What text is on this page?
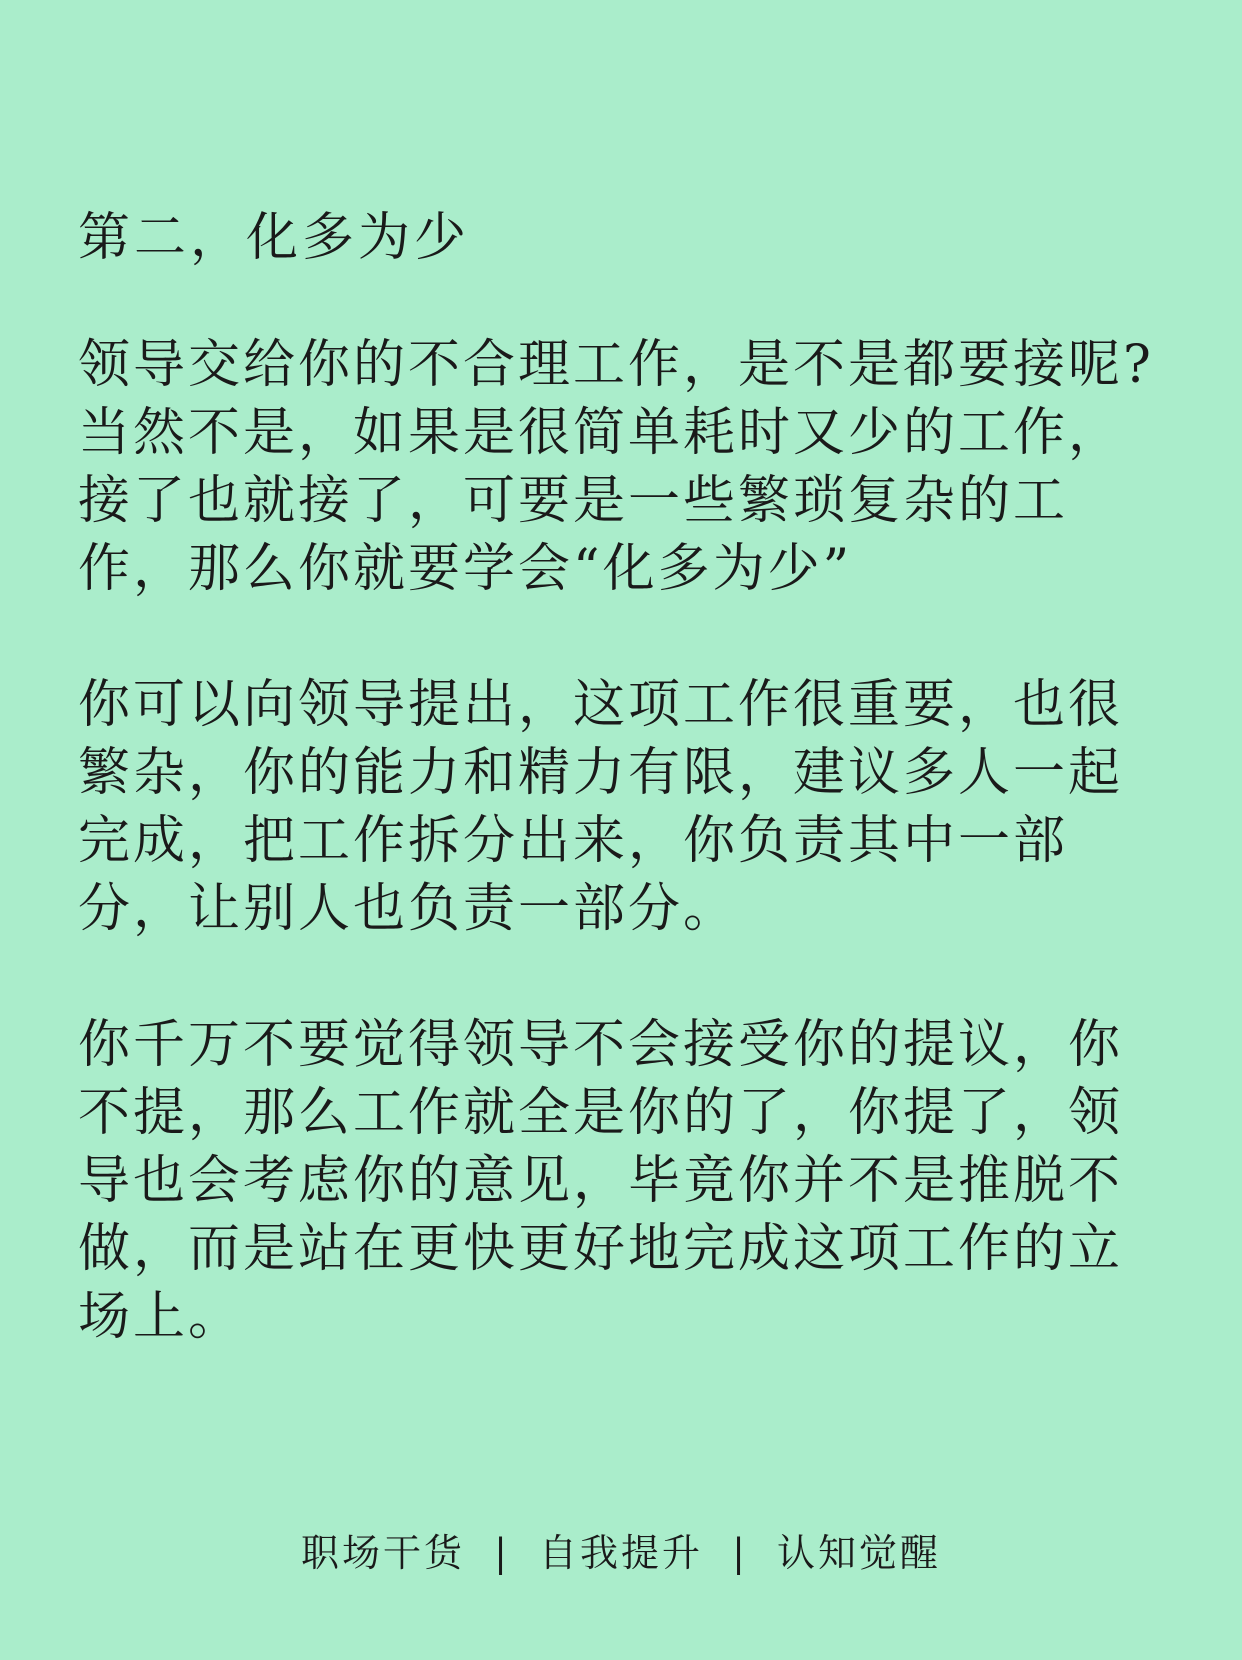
第二，化多为少

领导交给你的不合理工作，是不是都要接呢?当然不是，如果是很简单耗时又少的工作，接了也就接了，可要是一些繁琐复杂的工作，那么你就要学会“化多为少”

你可以向领导提出，这项工作很重要，也很繁杂，你的能力和精力有限，建议多人一起完成，把工作拆分出来，你负责其中一部分，让别人也负责一部分。

你千万不要觉得领导不会接受你的提议，你不提，那么工作就全是你的了，你提了，领导也会考虑你的意见，毕竟你并不是推脱不做，而是站在更快更好地完成这项工作的立场上。

职场干货 | 自我提升 | 认知觉醒
